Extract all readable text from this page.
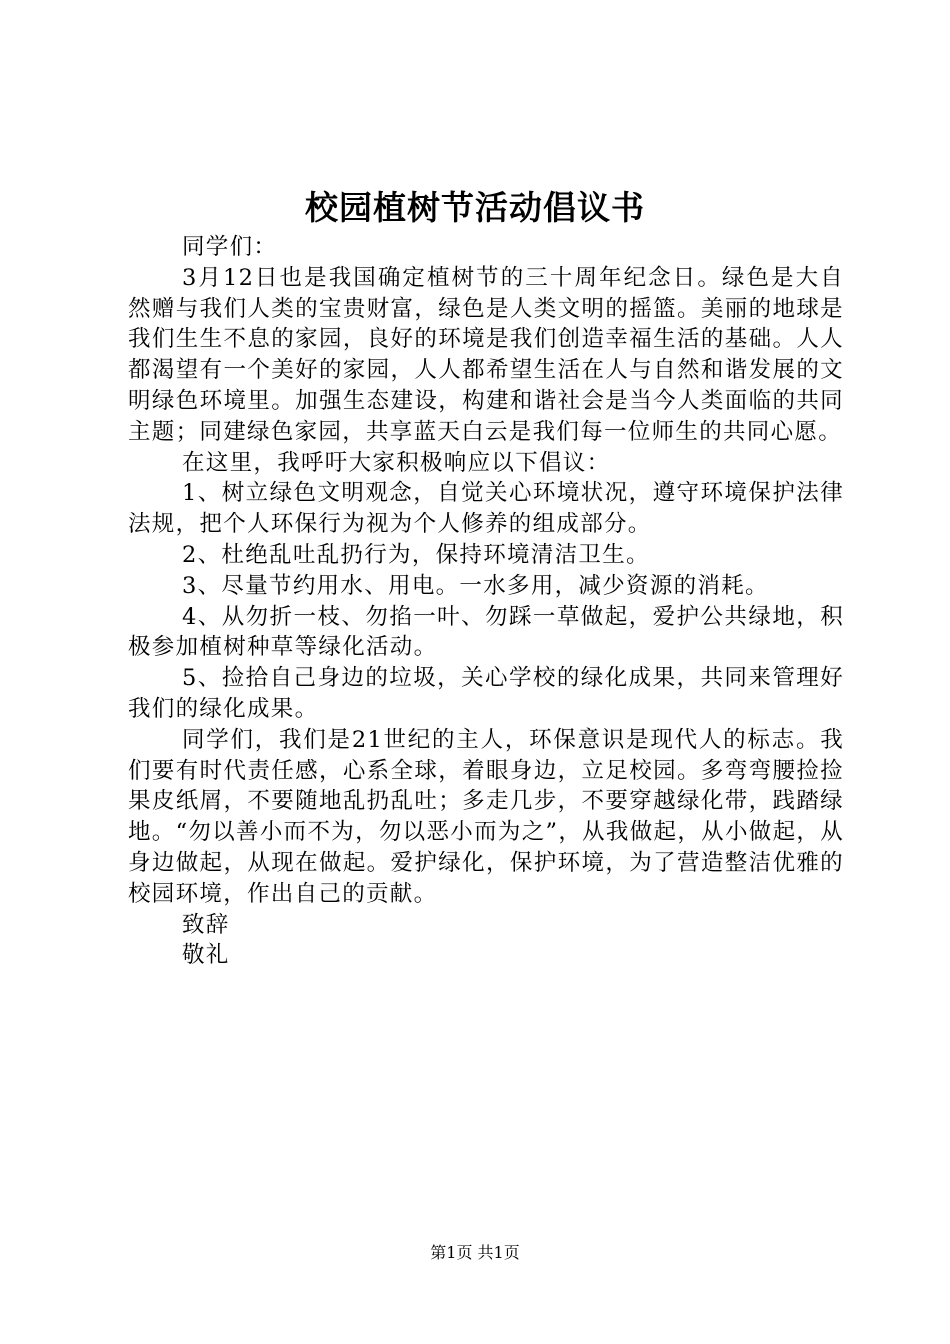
校园植树节活动倡议书

同学们：

3月12日也是我国确定植树节的三十周年纪念日。绿色是大自然赠与我们人类的宝贵财富，绿色是人类文明的摇篮。美丽的地球是我们生生不息的家园，良好的环境是我们创造幸福生活的基础。人人都渴望有一个美好的家园，人人都希望生活在人与自然和谐发展的文明绿色环境里。加强生态建设，构建和谐社会是当今人类面临的共同主题；同建绿色家园，共享蓝天白云是我们每一位师生的共同心愿。

在这里，我呼吁大家积极响应以下倡议：

1、树立绿色文明观念，自觉关心环境状况，遵守环境保护法律法规，把个人环保行为视为个人修养的组成部分。

2、杜绝乱吐乱扔行为，保持环境清洁卫生。

3、尽量节约用水、用电。一水多用，减少资源的消耗。

4、从勿折一枝、勿掐一叶、勿踩一草做起，爱护公共绿地，积极参加植树种草等绿化活动。

5、捡拾自己身边的垃圾，关心学校的绿化成果，共同来管理好我们的绿化成果。

同学们，我们是21世纪的主人，环保意识是现代人的标志。我们要有时代责任感，心系全球，着眼身边，立足校园。多弯弯腰捡捡果皮纸屑，不要随地乱扔乱吐；多走几步，不要穿越绿化带，践踏绿地。“勿以善小而不为，勿以恶小而为之”，从我做起，从小做起，从身边做起，从现在做起。爱护绿化，保护环境，为了营造整洁优雅的校园环境，作出自己的贡献。

致辞

敬礼

第1页 共1页
